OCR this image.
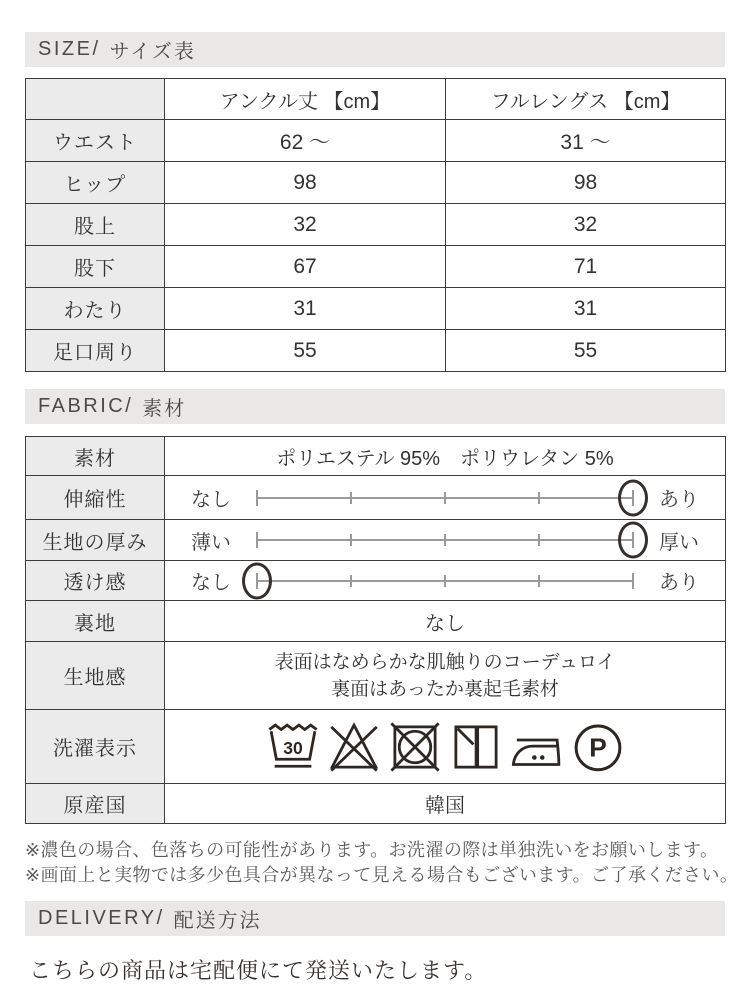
SIZE/ サイズ表
	アンクル丈 【cm】	フルレングス 【cm】
ウエスト	62 〜	31 〜
ヒップ	98	98
股上	32	32
股下	67	71
わたり	31	31
足口周り	55	55
FABRIC/ 素材
素材	ポリエステル 95%　ポリウレタン 5%
伸縮性	なし あり

生地の厚み	薄い 厚い

透け感	なし あり

裏地	なし
生地感	表面はなめらかな肌触りのコーデュロイ
裏面はあったか裏起毛素材

洗濯表示	30 P

原産国	韓国
※濃色の場合、色落ちの可能性があります。お洗濯の際は単独洗いをお願いします。
※画面上と実物では多少色具合が異なって見える場合もございます。ご了承ください。
DELIVERY/ 配送方法
こちらの商品は宅配便にて発送いたします。
